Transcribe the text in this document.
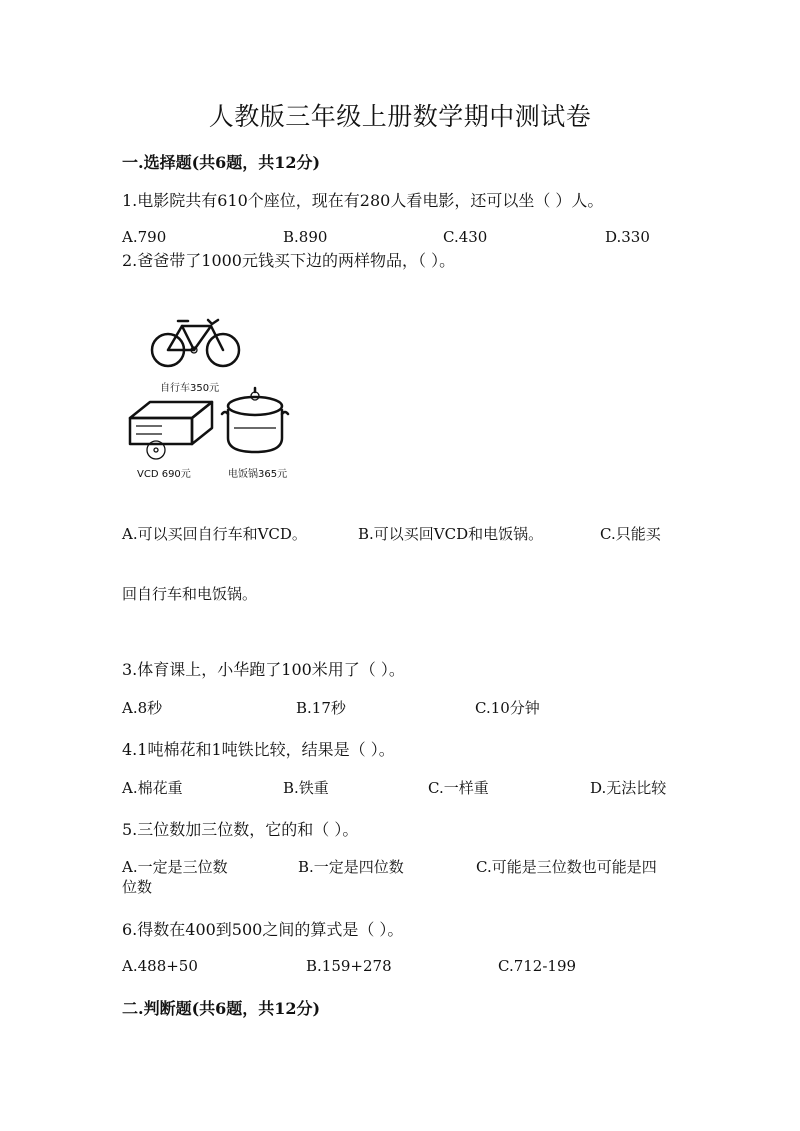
人教版三年级上册数学期中测试卷
一.选择题(共6题，共12分)
1.电影院共有610个座位，现在有280人看电影，还可以坐（ ）人。
A.790	B.890	C.430	D.330
2.爸爸带了1000元钱买下边的两样物品，（ ）。
自行车350元
VCD 690元	电饭锅365元
A.可以买回自行车和VCD。	B.可以买回VCD和电饭锅。	C.只能买
回自行车和电饭锅。
3.体育课上，小华跑了100米用了（ ）。
A.8秒	B.17秒	C.10分钟
4.1吨棉花和1吨铁比较，结果是（ ）。
A.棉花重	B.铁重	C.一样重	D.无法比较
5.三位数加三位数，它的和（ ）。
A.一定是三位数	B.一定是四位数	C.可能是三位数也可能是四
位数
6.得数在400到500之间的算式是（ ）。
A.488+50	B.159+278	C.712-199
二.判断题(共6题，共12分)
